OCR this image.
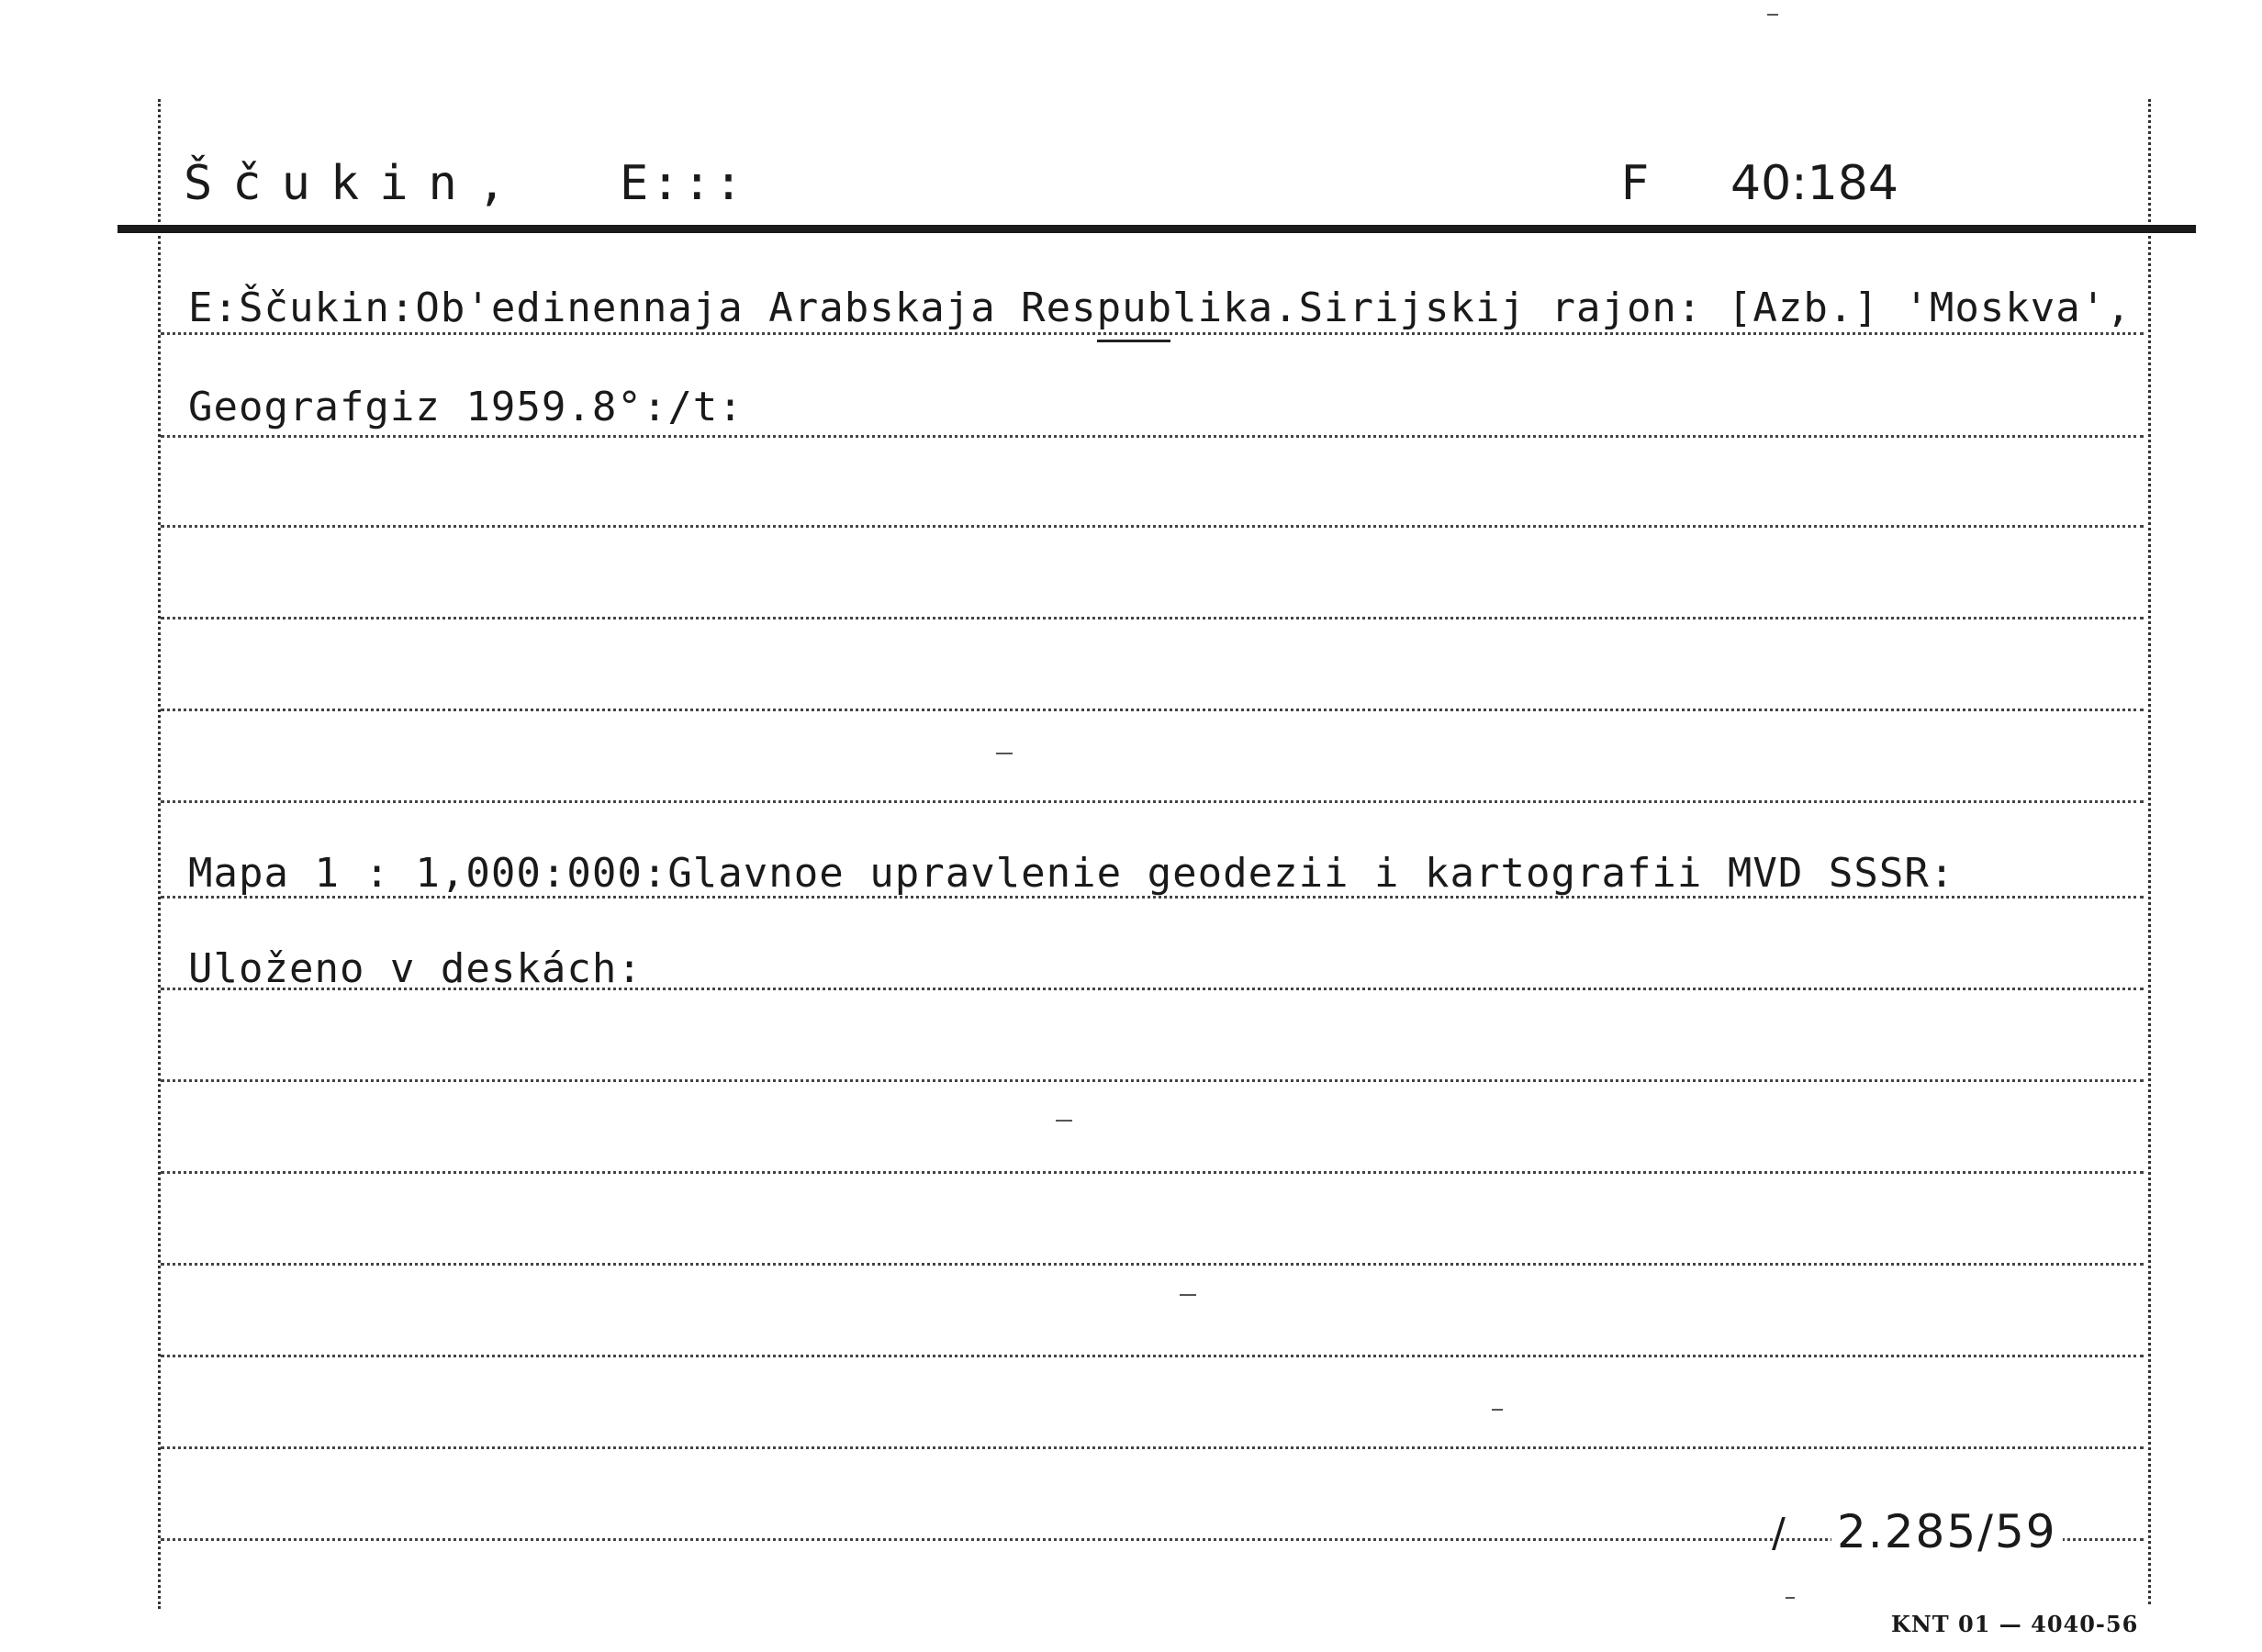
Ščukin, E:::	F 40:184
E:Ščukin:Ob'edinennaja Arabskaja Respublika.Sirijskij rajon: [Azb.] 'Moskva',
Geografgiz 1959.8°:/t:
Mapa 1 : 1,000:000:Glavnoe upravlenie geodezii i kartografii MVD SSSR:
Uloženo v deskách:
/ 2.285/59
KNT 01 — 4040-56
